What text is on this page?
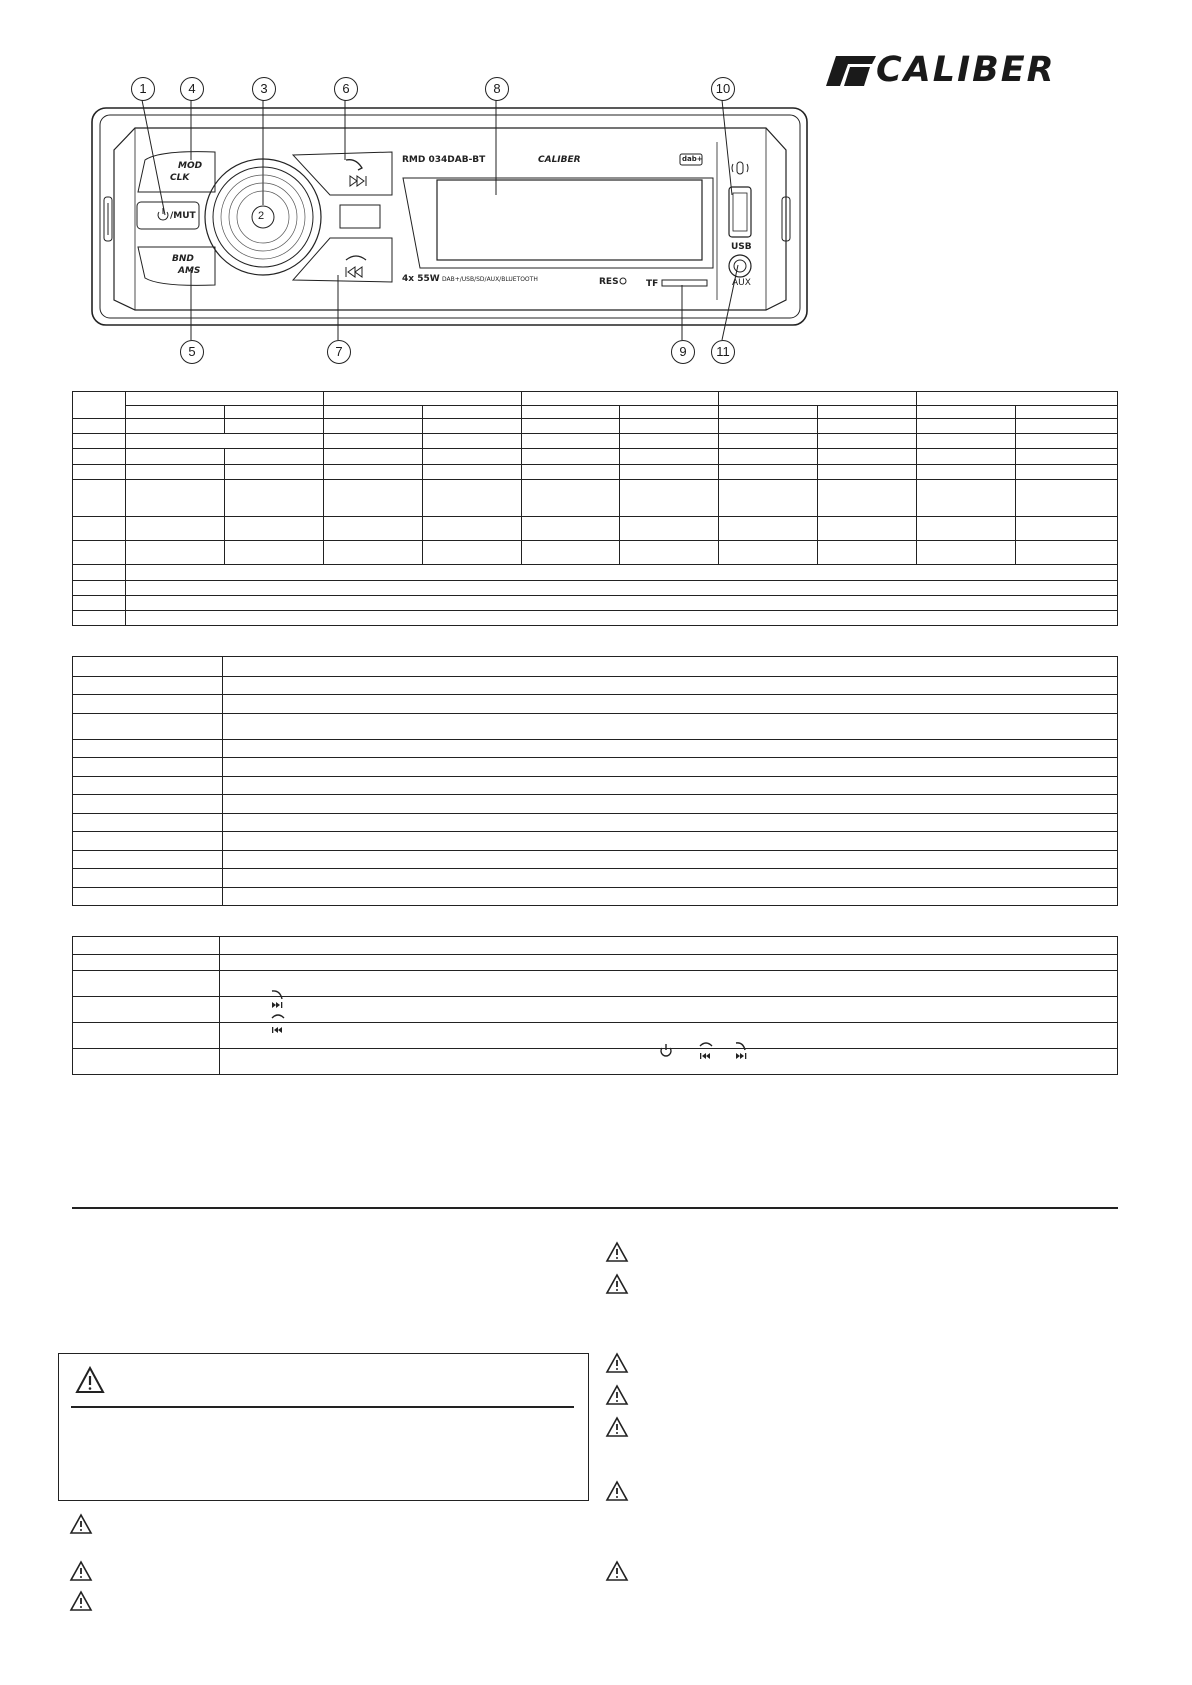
CALIBER
1	4	3	6	8	10
5	7	9	11
MOD
CLK
/MUT
BND
AMS
2
RMD 034DAB-BT	CALIBER	dab+
4x 55W DAB+/USB/SD/AUX/BLUETOOTH	RES	TF
USB
AUX
